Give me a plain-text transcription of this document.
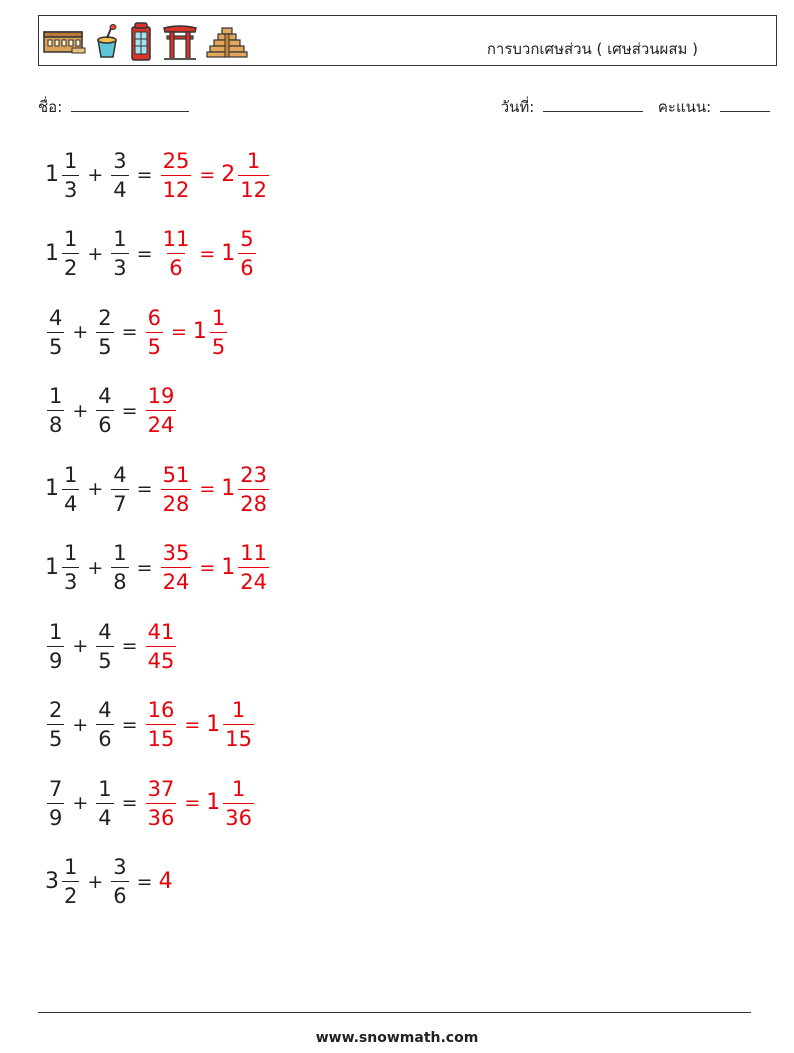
การบวกเศษส่วน ( เศษส่วนผสม )
ชื่อ:	วันที่:	คะแนน:
$1 \frac{1}{3} + \frac{3}{4} = \frac{25}{12} = 2 \frac{1}{12}$
$1 \frac{1}{2} + \frac{1}{3} = \frac{11}{6} = 1 \frac{5}{6}$
$\frac{4}{5} + \frac{2}{5} = \frac{6}{5} = 1 \frac{1}{5}$
$\frac{1}{8} + \frac{4}{6} = \frac{19}{24}$
$1 \frac{1}{4} + \frac{4}{7} = \frac{51}{28} = 1 \frac{23}{28}$
$1 \frac{1}{3} + \frac{1}{8} = \frac{35}{24} = 1 \frac{11}{24}$
$\frac{1}{9} + \frac{4}{5} = \frac{41}{45}$
$\frac{2}{5} + \frac{4}{6} = \frac{16}{15} = 1 \frac{1}{15}$
$\frac{7}{9} + \frac{1}{4} = \frac{37}{36} = 1 \frac{1}{36}$
$3 \frac{1}{2} + \frac{3}{6} = 4$
www.snowmath.com
